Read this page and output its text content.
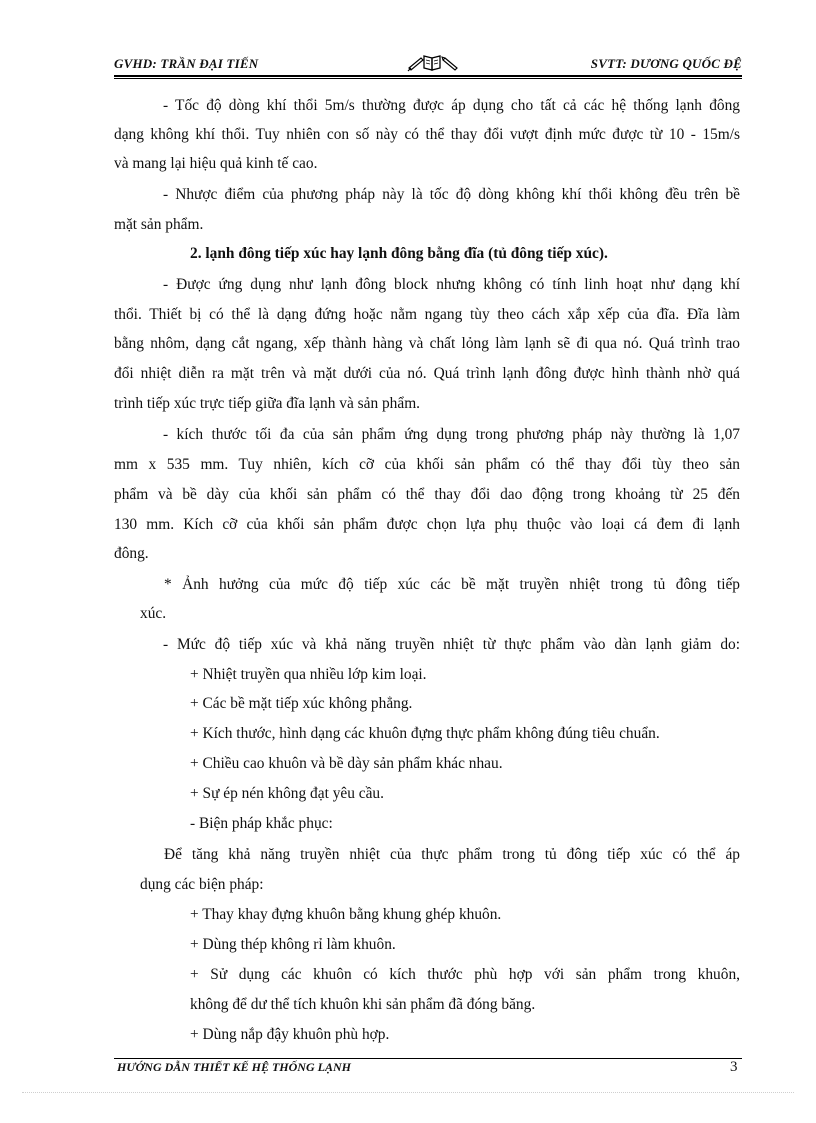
GVHD: TRẦN ĐẠI TIẾN	SVTT: DƯƠNG QUỐC ĐỆ
- Tốc độ dòng khí thổi 5m/s thường được áp dụng cho tất cả các hệ thống lạnh đông
dạng không khí thổi. Tuy nhiên con số này có thể thay đổi vượt định mức được từ 10 - 15m/s
và mang lại hiệu quả kinh tế cao.
- Nhược điểm của phương pháp này là tốc độ dòng không khí thổi không đều trên bề
mặt sản phẩm.
2. lạnh đông tiếp xúc hay lạnh đông bằng đĩa (tủ đông tiếp xúc).
- Được ứng dụng như lạnh đông block nhưng không có tính linh hoạt như dạng khí
thổi. Thiết bị có thể là dạng đứng hoặc nằm ngang tùy theo cách xắp xếp của đĩa. Đĩa làm
bằng nhôm, dạng cắt ngang, xếp thành hàng và chất lỏng làm lạnh sẽ đi qua nó. Quá trình trao
đổi nhiệt diễn ra mặt trên và mặt dưới của nó. Quá trình lạnh đông được hình thành nhờ quá
trình tiếp xúc trực tiếp giữa đĩa lạnh và sản phẩm.
- kích thước tối đa của sản phẩm ứng dụng trong phương pháp này thường là 1,07
mm x 535 mm. Tuy nhiên, kích cỡ của khối sản phẩm có thể thay đổi tùy theo sản
phẩm và bề dày của khối sản phẩm có thể thay đổi dao động trong khoảng từ 25 đến
130 mm. Kích cỡ của khối sản phẩm được chọn lựa phụ thuộc vào loại cá đem đi lạnh
đông.
* Ảnh hưởng của mức độ tiếp xúc các bề mặt truyền nhiệt trong tủ đông tiếp
xúc.
- Mức độ tiếp xúc và khả năng truyền nhiệt từ thực phẩm vào dàn lạnh giảm do:
+ Nhiệt truyền qua nhiều lớp kim loại.
+ Các bề mặt tiếp xúc không phẳng.
+ Kích thước, hình dạng các khuôn đựng thực phẩm không đúng tiêu chuẩn.
+ Chiều cao khuôn và bề dày sản phẩm khác nhau.
+ Sự ép nén không đạt yêu cầu.
- Biện pháp khắc phục:
Để tăng khả năng truyền nhiệt của thực phẩm trong tủ đông tiếp xúc có thể áp
dụng các biện pháp:
+ Thay khay đựng khuôn bằng khung ghép khuôn.
+ Dùng thép không rỉ làm khuôn.
+ Sử dụng các khuôn có kích thước phù hợp với sản phẩm trong khuôn,
không để dư thể tích khuôn khi sản phẩm đã đóng băng.
+ Dùng nắp đậy khuôn phù hợp.
HƯỚNG DẪN THIẾT KẾ HỆ THỐNG LẠNH	3
